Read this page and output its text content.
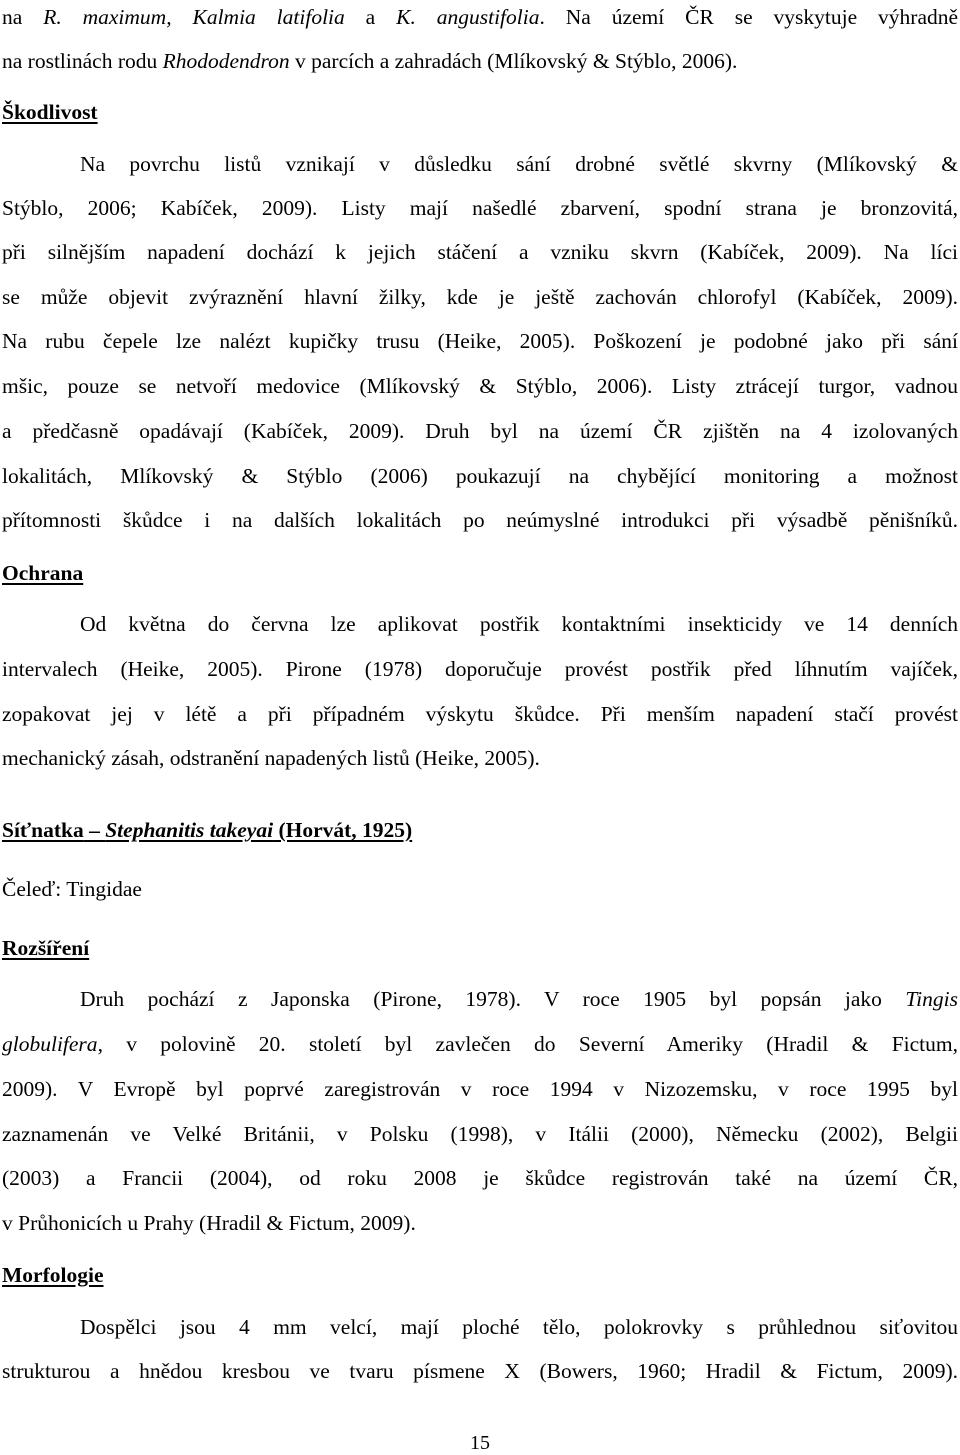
na R. maximum, Kalmia latifolia a K. angustifolia. Na území ČR se vyskytuje výhradně
na rostlinách rodu Rhododendron v parcích a zahradách (Mlíkovský & Stýblo, 2006).
Škodlivost
Na povrchu listů vznikají v důsledku sání drobné světlé skvrny (Mlíkovský &
Stýblo, 2006; Kabíček, 2009). Listy mají našedlé zbarvení, spodní strana je bronzovitá,
při silnějším napadení dochází k jejich stáčení a vzniku skvrn (Kabíček, 2009). Na líci
se může objevit zvýraznění hlavní žilky, kde je ještě zachován chlorofyl (Kabíček, 2009).
Na rubu čepele lze nalézt kupičky trusu (Heike, 2005). Poškození je podobné jako při sání
mšic, pouze se netvoří medovice (Mlíkovský & Stýblo, 2006). Listy ztrácejí turgor, vadnou
a předčasně opadávají (Kabíček, 2009). Druh byl na území ČR zjištěn na 4 izolovaných
lokalitách, Mlíkovský & Stýblo (2006) poukazují na chybějící monitoring a možnost
přítomnosti škůdce i na dalších lokalitách po neúmyslné introdukci při výsadbě pěnišníků.
Ochrana
Od května do června lze aplikovat postřik kontaktními insekticidy ve 14 denních
intervalech (Heike, 2005). Pirone (1978) doporučuje provést postřik před líhnutím vajíček,
zopakovat jej v létě a při případném výskytu škůdce. Při menším napadení stačí provést
mechanický zásah, odstranění napadených listů (Heike, 2005).
Síťnatka – Stephanitis takeyai (Horvát, 1925)
Čeleď: Tingidae
Rozšíření
Druh pochází z Japonska (Pirone, 1978). V roce 1905 byl popsán jako Tingis
globulifera, v polovině 20. století byl zavlečen do Severní Ameriky (Hradil & Fictum,
2009). V Evropě byl poprvé zaregistrován v roce 1994 v Nizozemsku, v roce 1995 byl
zaznamenán ve Velké Británii, v Polsku (1998), v Itálii (2000), Německu (2002), Belgii
(2003) a Francii (2004), od roku 2008 je škůdce registrován také na území ČR,
v Průhonicích u Prahy (Hradil & Fictum, 2009).
Morfologie
Dospělci jsou 4 mm velcí, mají ploché tělo, polokrovky s průhlednou siťovitou
strukturou a hnědou kresbou ve tvaru písmene X (Bowers, 1960; Hradil & Fictum, 2009).
15
